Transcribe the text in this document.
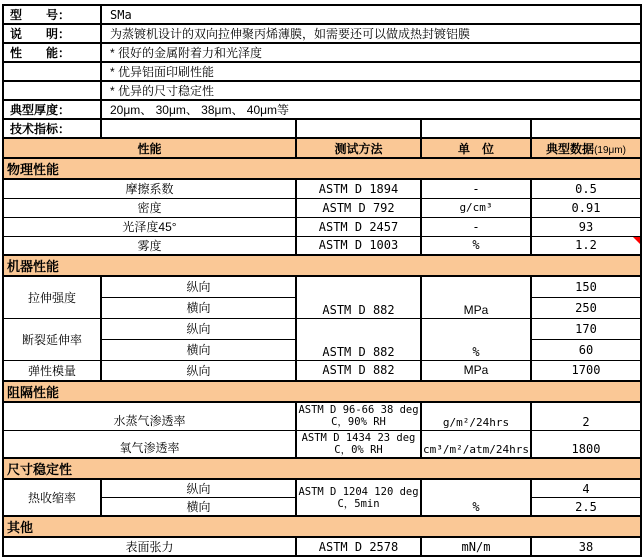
型　　号：	SMa			
说　　明：	为蒸镀机设计的双向拉伸聚丙烯薄膜，如需要还可以做成热封镀铝膜			
性　　能：	* 很好的金属附着力和光泽度			
	* 优异铝面印刷性能			
	* 优异的尺寸稳定性			
典型厚度：	20μm、 30μm、 38μm、 40μm等			
技术指标：				
性能		测试方法	单　位	典型数据(19μm)
物理性能				
摩擦系数		ASTM D 1894	-	0.5
密度		ASTM D 792	g/cm³	0.91
光泽度45°		ASTM D 2457	-	93
雾度		ASTM D 1003	%	1.2
机器性能				
拉伸强度	纵向	ASTM D 882	MPa	150
	横向			250
断裂延伸率	纵向	ASTM D 882	%	170
	横向			60
弹性模量	纵向	ASTM D 882	MPa	1700
阻隔性能				
水蒸气渗透率		ASTM D 96-66 38 deg
C，90% RH	g/m²/24hrs	2
氧气渗透率		ASTM D 1434 23 deg
C，0% RH	cm³/m²/atm/24hrs	1800
尺寸稳定性				
热收缩率	纵向	ASTM D 1204 120 deg
C，5min	%	4
	横向			2.5
其他				
表面张力		ASTM D 2578	mN/m	38
